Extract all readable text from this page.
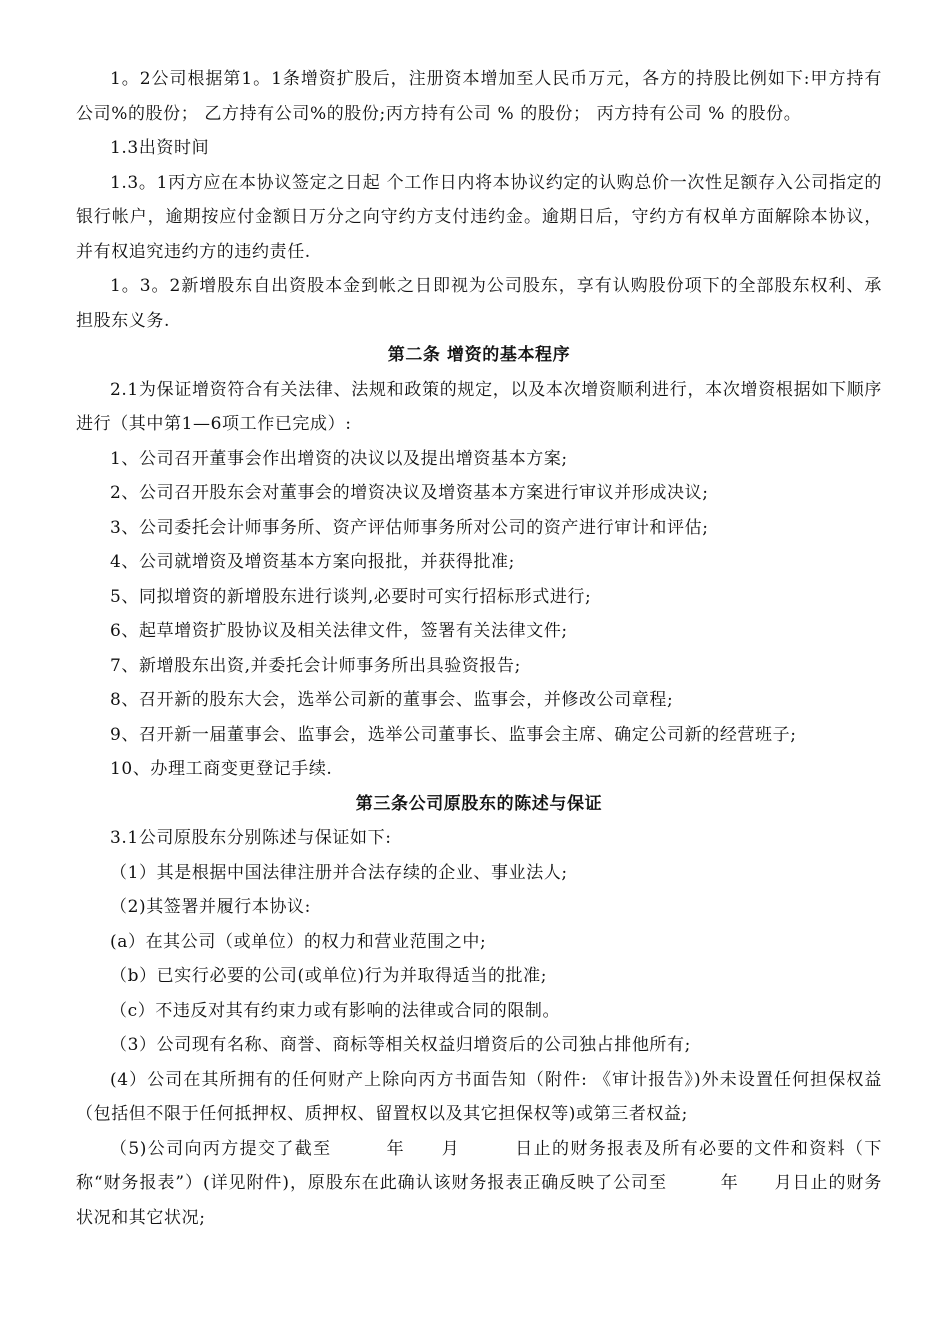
1。2公司根据第1。1条增资扩股后，注册资本增加至人民币万元，各方的持股比例如下:甲方持有公司%的股份； 乙方持有公司%的股份;丙方持有公司 % 的股份； 丙方持有公司 % 的股份。

1.3出资时间

1.3。1丙方应在本协议签定之日起 个工作日内将本协议约定的认购总价一次性足额存入公司指定的银行帐户，逾期按应付金额日万分之向守约方支付违约金。逾期日后，守约方有权单方面解除本协议，并有权追究违约方的违约责任.

1。3。2新增股东自出资股本金到帐之日即视为公司股东，享有认购股份项下的全部股东权利、承担股东义务.

第二条 增资的基本程序

2.1为保证增资符合有关法律、法规和政策的规定，以及本次增资顺利进行，本次增资根据如下顺序进行（其中第1—6项工作已完成）:

1、公司召开董事会作出增资的决议以及提出增资基本方案;

2、公司召开股东会对董事会的增资决议及增资基本方案进行审议并形成决议;

3、公司委托会计师事务所、资产评估师事务所对公司的资产进行审计和评估;

4、公司就增资及增资基本方案向报批，并获得批准;

5、同拟增资的新增股东进行谈判,必要时可实行招标形式进行;

6、起草增资扩股协议及相关法律文件，签署有关法律文件;

7、新增股东出资,并委托会计师事务所出具验资报告;

8、召开新的股东大会，选举公司新的董事会、监事会，并修改公司章程;

9、召开新一届董事会、监事会，选举公司董事长、监事会主席、确定公司新的经营班子;

10、办理工商变更登记手续.

第三条公司原股东的陈述与保证

3.1公司原股东分别陈述与保证如下:

（1）其是根据中国法律注册并合法存续的企业、事业法人;

（2)其签署并履行本协议:

(a）在其公司（或单位）的权力和营业范围之中;

（b）已实行必要的公司(或单位)行为并取得适当的批准;

（c）不违反对其有约束力或有影响的法律或合同的限制。

（3）公司现有名称、商誉、商标等相关权益归增资后的公司独占排他所有;

(4）公司在其所拥有的任何财产上除向丙方书面告知（附件: 《审计报告》)外未设置任何担保权益（包括但不限于任何抵押权、质押权、留置权以及其它担保权等)或第三者权益;

（5)公司向丙方提交了截至　　　年　　月　　　日止的财务报表及所有必要的文件和资料（下称“财务报表”）(详见附件)，原股东在此确认该财务报表正确反映了公司至　　　年　　月日止的财务状况和其它状况;
